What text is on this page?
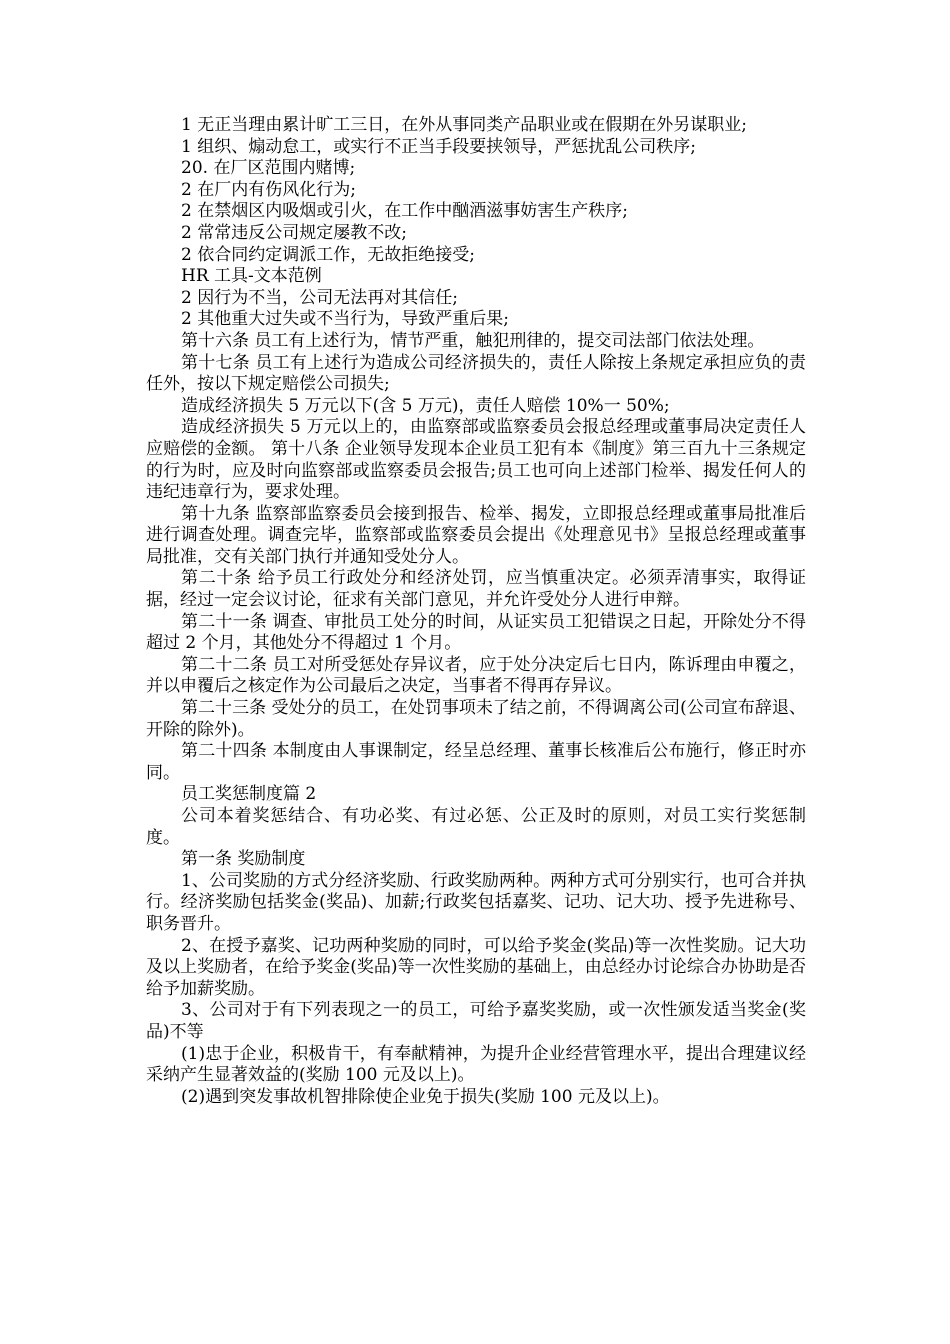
1 无正当理由累计旷工三日，在外从事同类产品职业或在假期在外另谋职业;

1 组织、煽动怠工，或实行不正当手段要挟领导，严惩扰乱公司秩序;

20. 在厂区范围内赌博;

2 在厂内有伤风化行为;

2 在禁烟区内吸烟或引火，在工作中酗酒滋事妨害生产秩序;

2 常常违反公司规定屡教不改;

2 依合同约定调派工作，无故拒绝接受;

HR 工具-文本范例

2 因行为不当，公司无法再对其信任;

2 其他重大过失或不当行为，导致严重后果;

第十六条 员工有上述行为，情节严重，触犯刑律的，提交司法部门依法处理。

第十七条 员工有上述行为造成公司经济损失的，责任人除按上条规定承担应负的责任外，按以下规定赔偿公司损失;

造成经济损失 5 万元以下(含 5 万元)，责任人赔偿 10%一 50%;

造成经济损失 5 万元以上的，由监察部或监察委员会报总经理或董事局决定责任人应赔偿的金额。 第十八条 企业领导发现本企业员工犯有本《制度》第三百九十三条规定的行为时，应及时向监察部或监察委员会报告;员工也可向上述部门检举、揭发任何人的违纪违章行为，要求处理。

第十九条 监察部监察委员会接到报告、检举、揭发，立即报总经理或董事局批准后进行调查处理。调查完毕，监察部或监察委员会提出《处理意见书》呈报总经理或董事局批准，交有关部门执行并通知受处分人。

第二十条 给予员工行政处分和经济处罚，应当慎重决定。必须弄清事实，取得证据，经过一定会议讨论，征求有关部门意见，并允许受处分人进行申辩。

第二十一条 调查、审批员工处分的时间，从证实员工犯错误之日起，开除处分不得超过 2 个月，其他处分不得超过 1 个月。

第二十二条 员工对所受惩处存异议者，应于处分决定后七日内，陈诉理由申覆之，并以申覆后之核定作为公司最后之决定，当事者不得再存异议。

第二十三条 受处分的员工，在处罚事项未了结之前，不得调离公司(公司宣布辞退、开除的除外)。

第二十四条 本制度由人事课制定，经呈总经理、董事长核准后公布施行，修正时亦同。

员工奖惩制度篇 2

公司本着奖惩结合、有功必奖、有过必惩、公正及时的原则，对员工实行奖惩制度。

第一条 奖励制度

1、公司奖励的方式分经济奖励、行政奖励两种。两种方式可分别实行，也可合并执行。经济奖励包括奖金(奖品)、加薪;行政奖包括嘉奖、记功、记大功、授予先进称号、职务晋升。

2、在授予嘉奖、记功两种奖励的同时，可以给予奖金(奖品)等一次性奖励。记大功及以上奖励者，在给予奖金(奖品)等一次性奖励的基础上，由总经办讨论综合办协助是否给予加薪奖励。

3、公司对于有下列表现之一的员工，可给予嘉奖奖励，或一次性颁发适当奖金(奖品)不等

(1)忠于企业，积极肯干，有奉献精神，为提升企业经营管理水平，提出合理建议经采纳产生显著效益的(奖励 100 元及以上)。

(2)遇到突发事故机智排除使企业免于损失(奖励 100 元及以上)。
